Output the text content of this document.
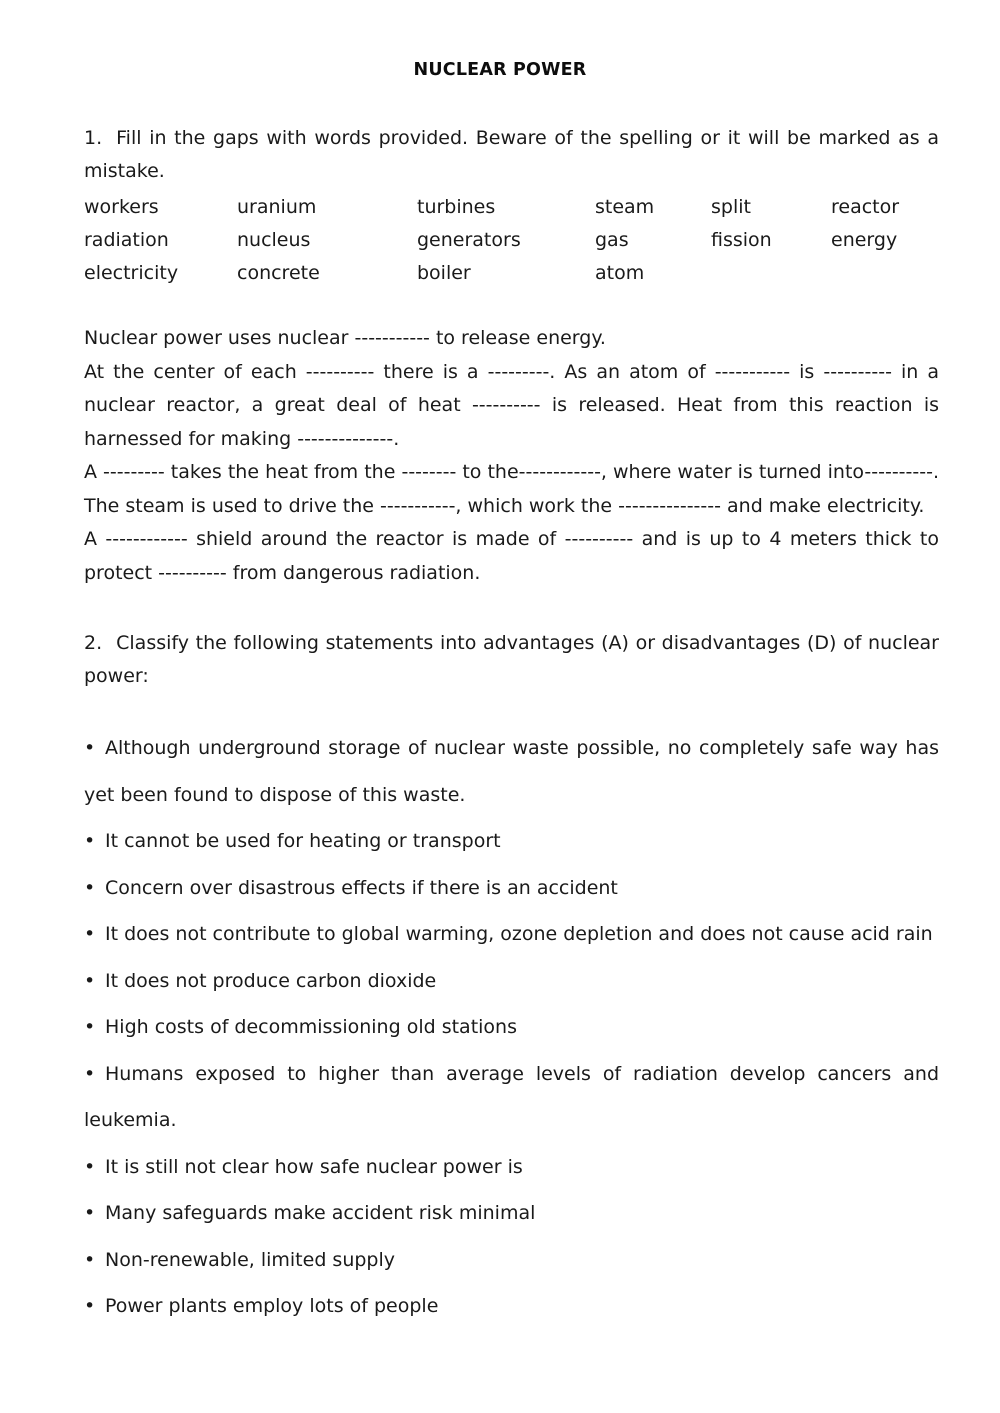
NUCLEAR POWER

1. Fill in the gaps with words provided. Beware of the spelling or it will be marked as a mistake.

workers	uranium	turbines	steam	split	reactor
radiation	nucleus	generators	gas	fission	energy
electricity	concrete	boiler	atom		

Nuclear power uses nuclear ----------- to release energy.

At the center of each ---------- there is a ---------. As an atom of ----------- is ---------- in a nuclear reactor, a great deal of heat ---------- is released. Heat from this reaction is harnessed for making --------------.

A --------- takes the heat from the -------- to the------------, where water is turned into----------. The steam is used to drive the -----------, which work the --------------- and make electricity.

A ------------ shield around the reactor is made of ---------- and is up to 4 meters thick to protect ---------- from dangerous radiation.

2. Classify the following statements into advantages (A) or disadvantages (D) of nuclear power:

• Although underground storage of nuclear waste possible, no completely safe way has yet been found to dispose of this waste.
• It cannot be used for heating or transport
• Concern over disastrous effects if there is an accident
• It does not contribute to global warming, ozone depletion and does not cause acid rain
• It does not produce carbon dioxide
• High costs of decommissioning old stations
• Humans exposed to higher than average levels of radiation develop cancers and leukemia.
• It is still not clear how safe nuclear power is
• Many safeguards make accident risk minimal
• Non-renewable, limited supply
• Power plants employ lots of people
